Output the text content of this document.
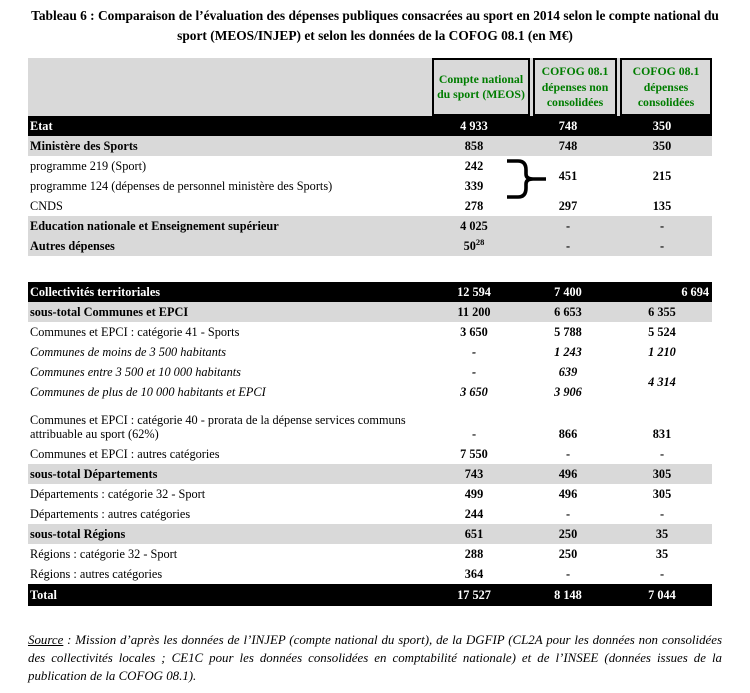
Tableau 6 : Comparaison de l’évaluation des dépenses publiques consacrées au sport en 2014 selon le compte national du sport (MEOS/INJEP) et selon les données de la COFOG 08.1 (en M€)
Compte national du sport (MEOS)
COFOG 08.1 dépenses non consolidées
COFOG 08.1 dépenses consolidées
Etat	4 933	748	350
Ministère des Sports	858	748	350
programme 219 (Sport)	242	451	215
programme 124 (dépenses de personnel ministère des Sports)	339		
CNDS	278	297	135
Education nationale et Enseignement supérieur	4 025	-	-
Autres dépenses	$50^{28}$	-	-
Collectivités territoriales	12 594	7 400	6 694
sous-total Communes et EPCI	11 200	6 653	6 355
Communes et EPCI : catégorie 41 - Sports	3 650	5 788	5 524
Communes de moins de 3 500 habitants	-	1 243	1 210
Communes entre 3 500 et 10 000 habitants	-	639	4 314
Communes de plus de 10 000 habitants et EPCI	3 650	3 906	
Communes et EPCI : catégorie 40 - prorata de la dépense services communs attribuable au sport (62%)	-	866	831
Communes et EPCI : autres catégories	7 550	-	-
sous-total Départements	743	496	305
Départements : catégorie 32 - Sport	499	496	305
Départements : autres catégories	244	-	-
sous-total Régions	651	250	35
Régions : catégorie 32 - Sport	288	250	35
Régions : autres catégories	364	-	-
Total	17 527	8 148	7 044
Source : Mission d’après les données de l’INJEP (compte national du sport), de la DGFIP (CL2A pour les données non consolidées des collectivités locales ; CE1C pour les données consolidées en comptabilité nationale) et de l’INSEE (données issues de la publication de la COFOG 08.1).
